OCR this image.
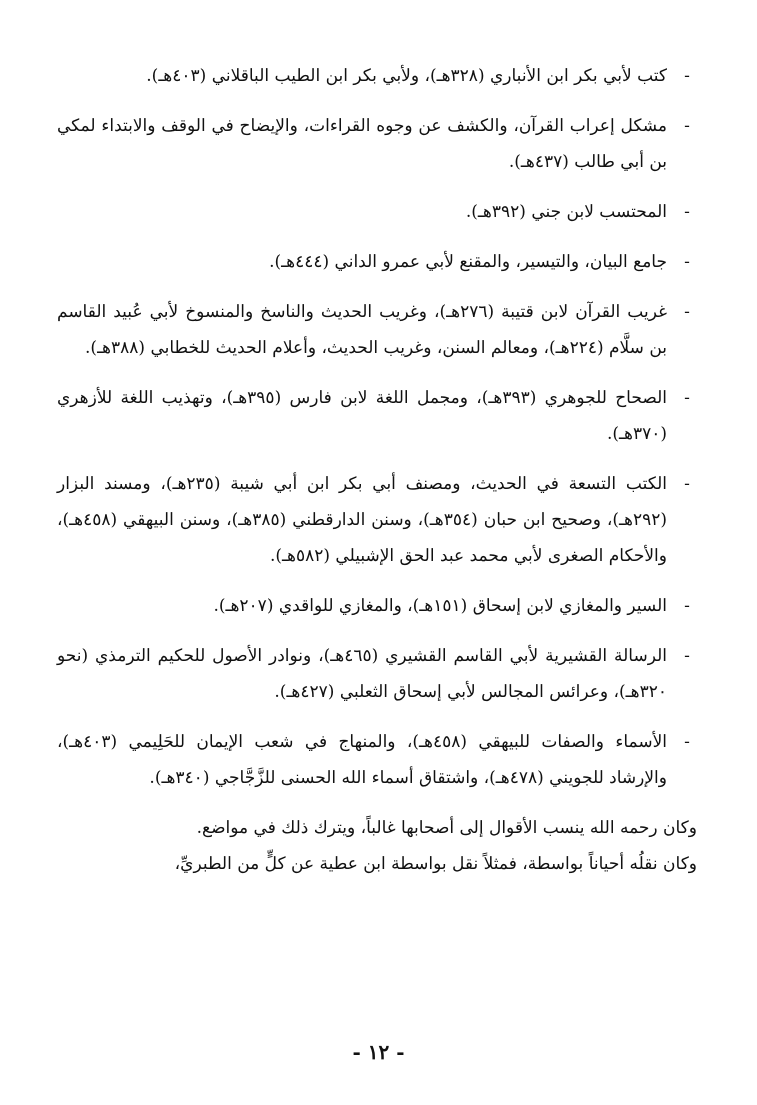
-
كتب لأبي بكر ابن الأنباري (٣٢٨هـ)، ولأبي بكر ابن الطيب الباقلاني (٤٠٣هـ).
-
مشكل إعراب القرآن، والكشف عن وجوه القراءات، والإيضاح في الوقف والابتداء لمكي بن أبي طالب (٤٣٧هـ).
-
المحتسب لابن جني (٣٩٢هـ).
-
جامع البيان، والتيسير، والمقنع لأبي عمرو الداني (٤٤٤هـ).
-
غريب القرآن لابن قتيبة (٢٧٦هـ)، وغريب الحديث والناسخ والمنسوخ لأبي عُبيد القاسم بن سلَّام (٢٢٤هـ)، ومعالم السنن، وغريب الحديث، وأعلام الحديث للخطابي (٣٨٨هـ).
-
الصحاح للجوهري (٣٩٣هـ)، ومجمل اللغة لابن فارس (٣٩٥هـ)، وتهذيب اللغة للأزهري (٣٧٠هـ).
-
الكتب التسعة في الحديث، ومصنف أبي بكر ابن أبي شيبة (٢٣٥هـ)، ومسند البزار (٢٩٢هـ)، وصحيح ابن حبان (٣٥٤هـ)، وسنن الدارقطني (٣٨٥هـ)، وسنن البيهقي (٤٥٨هـ)، والأحكام الصغرى لأبي محمد عبد الحق الإشبيلي (٥٨٢هـ).
-
السير والمغازي لابن إسحاق (١٥١هـ)، والمغازي للواقدي (٢٠٧هـ).
-
الرسالة القشيرية لأبي القاسم القشيري (٤٦٥هـ)، ونوادر الأصول للحكيم الترمذي (نحو ٣٢٠هـ)، وعرائس المجالس لأبي إسحاق الثعلبي (٤٢٧هـ).
-
الأسماء والصفات للبيهقي (٤٥٨هـ)، والمنهاج في شعب الإيمان للحَلِيمي (٤٠٣هـ)، والإرشاد للجويني (٤٧٨هـ)، واشتقاق أسماء الله الحسنى للزَّجَّاجي (٣٤٠هـ).

وكان رحمه الله ينسب الأقوال إلى أصحابها غالباً، ويترك ذلك في مواضع.

وكان نقلُه أحياناً بواسطة، فمثلاً نقل بواسطة ابن عطية عن كلٍّ من الطبريِّ،

- ١٢ -
